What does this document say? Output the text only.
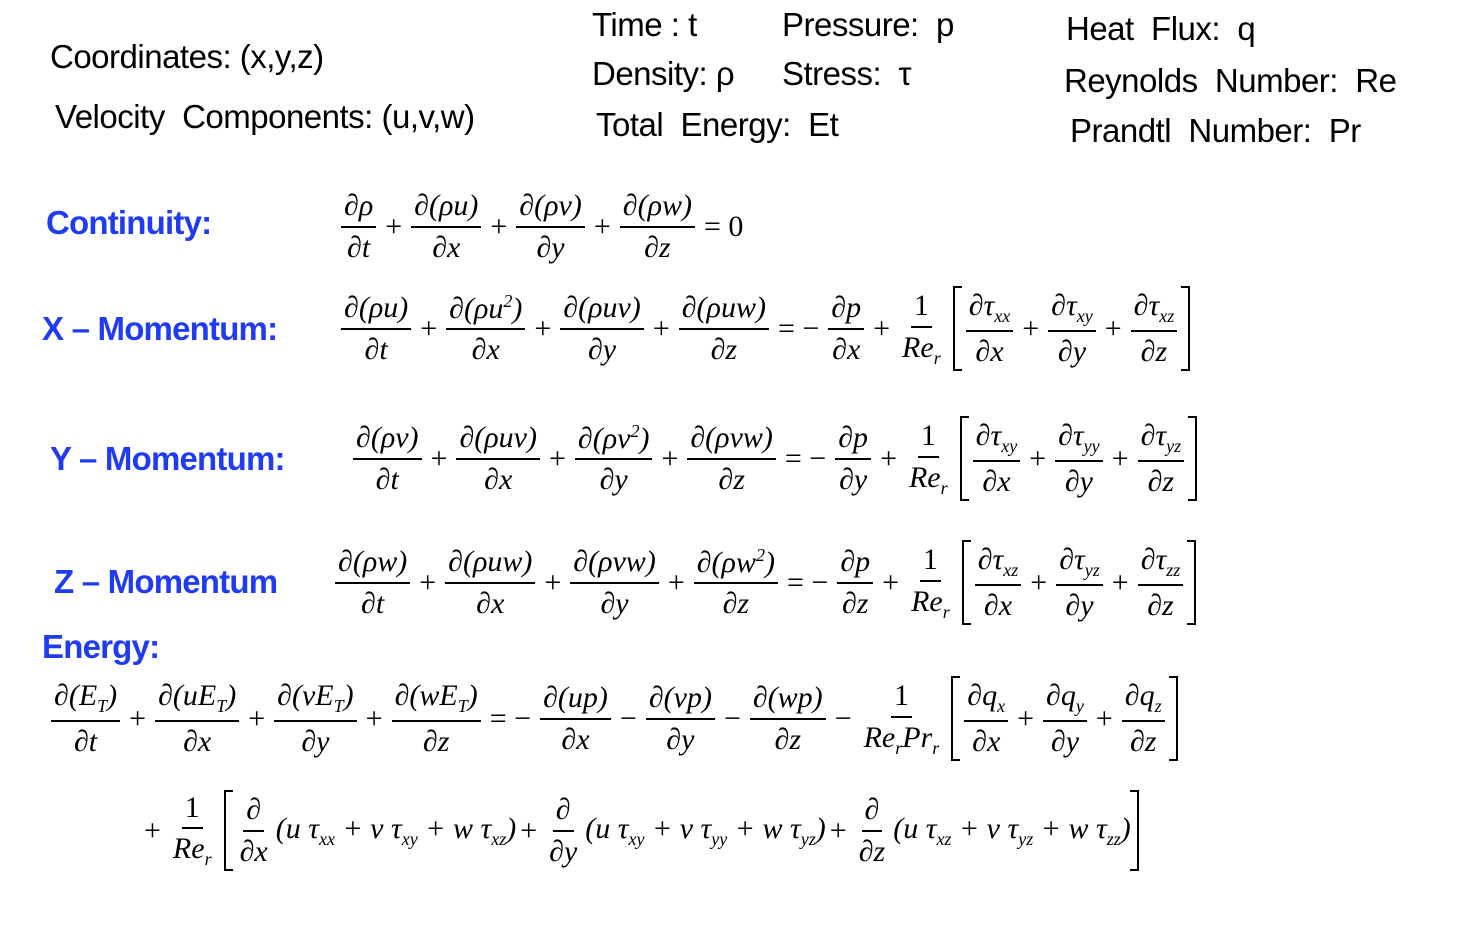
Coordinates: (x,y,z)
Velocity  Components: (u,v,w)
Time : t
Density: ρ
Total  Energy:  Et
Pressure:  p
Stress:  τ
Heat  Flux:  q
Reynolds  Number:  Re
Prandtl  Number:  Pr
Continuity:
X – Momentum:
Y – Momentum:
Z – Momentum
Energy:
∂ρ
∂t
+ $\frac{\partial(\rho u)}{\partial x} + \frac{\partial(\rho v)}{\partial y} + \frac{\partial(\rho w)}{\partial z} = 0$
∂(ρu)
∂t
+ $\frac{\partial(\rho u^2)}{\partial x}$ +
∂(ρuv)
∂y
+
∂(ρuw)
∂z
= − $\frac{\partial p}{\partial x}$ +
1
$Re_r$
$\partial\tau_{xx}$
∂x
+
$\partial\tau_{xy}$
∂y
+
$\partial\tau_{xz}$
∂z
∂(ρv)
∂t
+
∂(ρuv)
∂x
+ $\frac{\partial(\rho v^2)}{\partial y}$ +
∂(ρvw)
∂z
= − $\frac{\partial p}{\partial y}$ +
1
$Re_r$
$\partial\tau_{xy}$
∂x
+
$\partial\tau_{yy}$
∂y
+
$\partial\tau_{yz}$
∂z
∂(ρw)
∂t
+
∂(ρuw)
∂x
+
∂(ρvw)
∂y
+ $\frac{\partial(\rho w^2)}{\partial z}$ = − $\frac{\partial p}{\partial z}$ +
1
$Re_r$
$\partial\tau_{xz}$
∂x
+
$\partial\tau_{yz}$
∂y
+
$\partial\tau_{zz}$
∂z
$\partial(E_T)$
∂t
+
$\partial(uE_T)$
∂x
+
$\partial(vE_T)$
∂y
+
$\partial(wE_T)$
∂z
= − $\frac{\partial(up)}{\partial x} - \frac{\partial(vp)}{\partial y} - \frac{\partial(wp)}{\partial z}$ −
1
$Re_rPr_r$
$\partial q_x$
∂x
+ $\frac{\partial q_y}{\partial y} + \frac{\partial q_z}{\partial z}$
+
1
$Re_r$
∂
∂x
(u $\tau_{xx} + v$ $\tau_{xy} + w$ $\tau_{xz}$) +
∂
∂y
(u $\tau_{xy} + v$ $\tau_{yy} + w$ $\tau_{yz}$) +
∂
∂z
(u $\tau_{xz} + v$ $\tau_{yz} + w$ $\tau_{zz}$)
